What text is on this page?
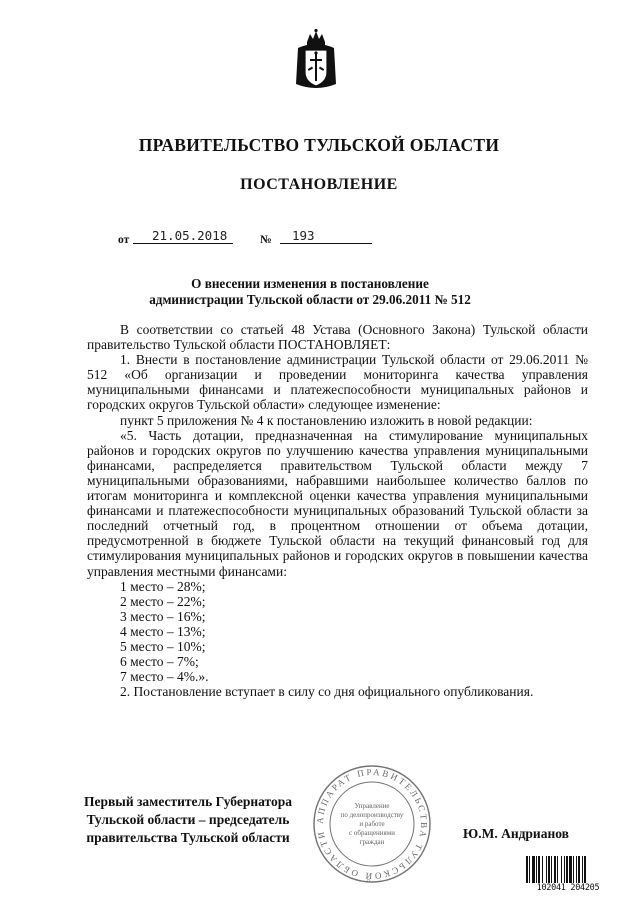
ПРАВИТЕЛЬСТВО ТУЛЬСКОЙ ОБЛАСТИ
ПОСТАНОВЛЕНИЕ
от 21.05.2018	№ 193
О внесении изменения в постановление
администрации Тульской области от 29.06.2011 № 512

В соответствии со статьей 48 Устава (Основного Закона) Тульской области правительство Тульской области ПОСТАНОВЛЯЕТ:

1. Внести в постановление администрации Тульской области от 29.06.2011 № 512 «Об организации и проведении мониторинга качества управления муниципальными финансами и платежеспособности муниципальных районов и городских округов Тульской области» следующее изменение:

пункт 5 приложения № 4 к постановлению изложить в новой редакции:

«5. Часть дотации, предназначенная на стимулирование муниципальных районов и городских округов по улучшению качества управления муниципальными финансами, распределяется правительством Тульской области между 7 муниципальными образованиями, набравшими наибольшее количество баллов по итогам мониторинга и комплексной оценки качества управления муниципальными финансами и платежеспособности муниципальных образований Тульской области за последний отчетный год, в процентном отношении от объема дотации, предусмотренной в бюджете Тульской области на текущий финансовый год для стимулирования муниципальных районов и городских округов в повышении качества управления местными финансами:

1 место – 28%;

2 место – 22%;

3 место – 16%;

4 место – 13%;

5 место – 10%;

6 место – 7%;

7 место – 4%.».

2. Постановление вступает в силу со дня официального опубликования.

АППАРАТ ПРАВИТЕЛЬСТВА ТУЛЬСКОЙ ОБЛАСТИ
Управление
по делопроизводству
и работе
с обращениями
граждан
Первый заместитель Губернатора
Тульской области – председатель
правительства Тульской области	Ю.М. Андрианов
102041 204205
